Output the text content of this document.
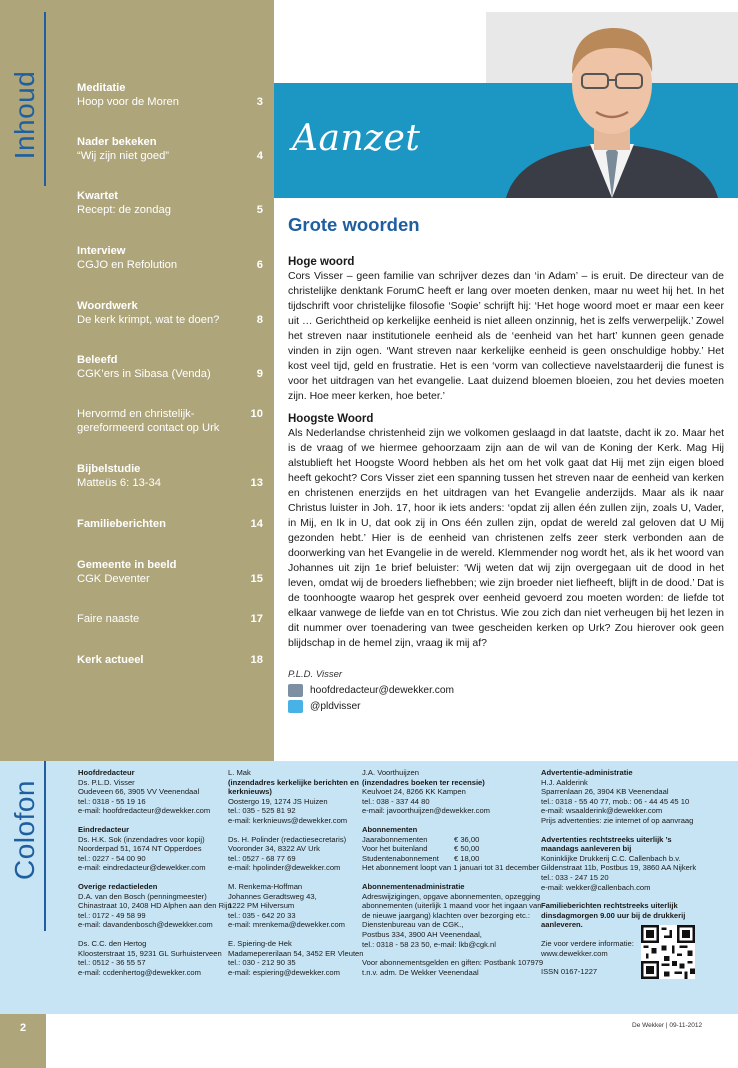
Inhoud	Meditatie
Hoop voor de Moren	3
Nader bekeken
“Wij zijn niet goed”	4
Kwartet
Recept: de zondag	5
Interview
CGJO en Refolution	6
Woordwerk
De kerk krimpt, wat te doen?	8
Beleefd
CGK’ers in Sibasa (Venda)	9
Hervormd en christelijk-gereformeerd contact op Urk
10
Bijbelstudie
Matteüs 6: 13-34	13
Familieberichten	14
Gemeente in beeld
CGK Deventer	15
Faire naaste	17
Kerk actueel	18
Aanzet
Grote woorden
Hoge woord
Cors Visser – geen familie van schrijver dezes dan ‘in Adam’ – is eruit. De directeur van de christelijke denktank ForumC heeft er lang over moeten denken, maar nu weet hij het. In het tijdschrift voor christelijke filosofie ‘Soφie’ schrijft hij: ‘Het hoge woord moet er maar een keer uit … Gerichtheid op kerkelijke eenheid is niet alleen onzinnig, het is zelfs verwerpelijk.’ Zowel het streven naar institutionele eenheid als de ‘eenheid van het hart’ kunnen geen genade vinden in zijn ogen. ‘Want streven naar kerkelijke eenheid is geen onschuldige hobby.’ Het kost veel tijd, geld en frustratie. Het is een ‘vorm van collectieve navelstaarderij die funest is voor het uitdragen van het evangelie. Laat duizend bloemen bloeien, zou het devies moeten zijn. Hoe meer kerken, hoe beter.’
Hoogste Woord
Als Nederlandse christenheid zijn we volkomen geslaagd in dat laatste, dacht ik zo. Maar het is de vraag of we hiermee gehoorzaam zijn aan de wil van de Koning der Kerk. Mag Hij alstublieft het Hoogste Woord hebben als het om het volk gaat dat Hij met zijn eigen bloed heeft gekocht? Cors Visser ziet een spanning tussen het streven naar de eenheid van kerken en christenen enerzijds en het uitdragen van het Evangelie anderzijds. Maar als ik naar Christus luister in Joh. 17, hoor ik iets anders: ‘opdat zij allen één zullen zijn, zoals U, Vader, in Mij, en Ik in U, dat ook zij in Ons één zullen zijn, opdat de wereld zal geloven dat U Mij gezonden hebt.’ Hier is de eenheid van christenen zelfs zeer sterk verbonden aan de doorwerking van het Evangelie in de wereld. Klemmender nog wordt het, als ik het woord van Johannes uit zijn 1e brief beluister: ‘Wij weten dat wij zijn overgegaan uit de dood in het leven, omdat wij de broeders liefhebben; wie zijn broeder niet liefheeft, blijft in de dood.’ Dat is de toonhoogte waarop het gesprek over eenheid gevoerd zou moeten worden: de liefde tot elkaar vanwege de liefde van en tot Christus. Wie zou zich dan niet verheugen bij het lezen in dit nummer over toenadering van twee gescheiden kerken op Urk? Zou hierover ook geen blijdschap in de hemel zijn, vraag ik mij af?
P.L.D. Visser
hoofdredacteur@dewekker.com
@pldvisser
Colofon
Hoofdredacteur
Ds. P.L.D. Visser
Oudeveen 66, 3905 VV Veenendaal
tel.: 0318 - 55 19 16
e-mail: hoofdredacteur@dewekker.com
Eindredacteur
Ds. H.K. Sok (inzendadres voor kopij)
Noorderpad 51, 1674 NT Opperdoes
tel.: 0227 - 54 00 90
e-mail: eindredacteur@dewekker.com
Overige redactieleden
D.A. van den Bosch (penningmeester)
Chinastraat 10, 2408 HD Alphen aan den Rijn
tel.: 0172 - 49 58 99
e-mail: davandenbosch@dewekker.com
Ds. C.C. den Hertog
Kloosterstraat 15, 9231 GL Surhuisterveen
tel.: 0512 - 36 55 57
e-mail: ccdenhertog@dewekker.com
L. Mak
(inzendadres kerkelijke berichten en
kerknieuws)
Oostergo 19, 1274 JS Huizen
tel.: 035 - 525 81 92
e-mail: kerknieuws@dewekker.com
Ds. H. Polinder (redactiesecretaris)
Vooronder 34, 8322 AV Urk
tel.: 0527 - 68 77 69
e-mail: hpolinder@dewekker.com
M. Renkema-Hoffman
Johannes Geradtsweg 43,
1222 PM Hilversum
tel.: 035 - 642 20 33
e-mail: mrenkema@dewekker.com
E. Spiering-de Hek
Madamepererilaan 54, 3452 ER Vleuten
tel.: 030 - 212 90 35
e-mail: espiering@dewekker.com
J.A. Voorthuijzen
(inzendadres boeken ter recensie)
Keulvoet 24, 8266 KK Kampen
tel.: 038 - 337 44 80
e-mail: javoorthuijzen@dewekker.com
Abonnementen
Jaarabonnementen	€ 36,00
Voor het buitenland	€ 50,00
Studentenabonnement	€ 18,00
Het abonnement loopt van 1 januari tot 31 december
Abonnementenadministratie
Adreswijzigingen, opgave abonnementen, opzegging
abonnementen (uiterlijk 1 maand voor het ingaan van
de nieuwe jaargang) klachten over bezorging etc.:
Dienstenbureau van de CGK.,
Postbus 334, 3900 AH Veenendaal,
tel.: 0318 - 58 23 50, e-mail: lkb@cgk.nl
Voor abonnementsgelden en giften: Postbank 107979
t.n.v. adm. De Wekker Veenendaal
Advertentie-administratie
H.J. Aalderink
Sparrenlaan 26, 3904 KB Veenendaal
tel.: 0318 - 55 40 77, mob.: 06 - 44 45 45 10
e-mail: wsaalderink@dewekker.com
Prijs advertenties: zie internet of op aanvraag
Advertenties rechtstreeks uiterlijk ’s maandags aanleveren bij
Koninklijke Drukkerij C.C. Callenbach b.v.
Gildenstraat 11b, Postbus 19, 3860 AA Nijkerk
tel.: 033 - 247 15 20
e-mail: wekker@callenbach.com
Familieberichten rechtstreeks uiterlijk dinsdagmorgen 9.00 uur bij de drukkerij aanleveren.
Zie voor verdere informatie:
www.dewekker.com
ISSN 0167-1227
2	De Wekker | 09-11-2012
